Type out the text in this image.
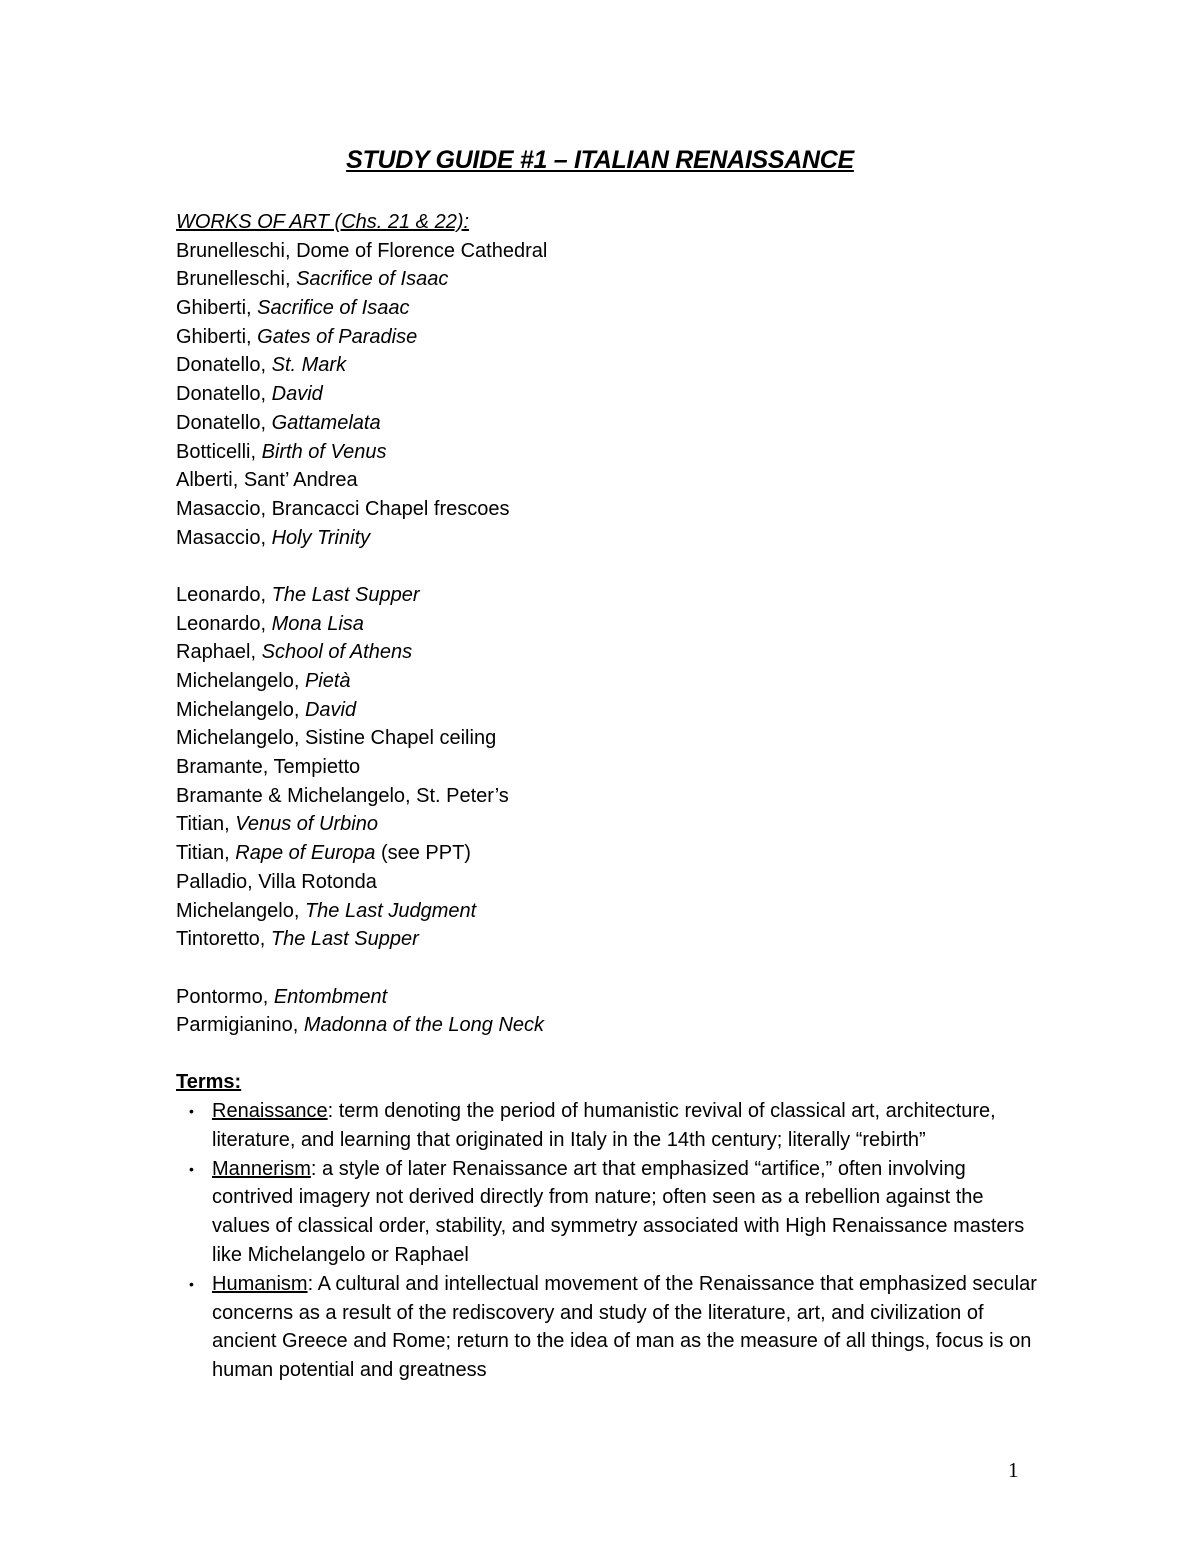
STUDY GUIDE #1 – ITALIAN RENAISSANCE
WORKS OF ART (Chs. 21 & 22):
Brunelleschi, Dome of Florence Cathedral
Brunelleschi, Sacrifice of Isaac
Ghiberti, Sacrifice of Isaac
Ghiberti, Gates of Paradise
Donatello, St. Mark
Donatello, David
Donatello, Gattamelata
Botticelli, Birth of Venus
Alberti, Sant’ Andrea
Masaccio, Brancacci Chapel frescoes
Masaccio, Holy Trinity
Leonardo, The Last Supper
Leonardo, Mona Lisa
Raphael, School of Athens
Michelangelo, Pietà
Michelangelo, David
Michelangelo, Sistine Chapel ceiling
Bramante, Tempietto
Bramante & Michelangelo, St. Peter’s
Titian, Venus of Urbino
Titian, Rape of Europa (see PPT)
Palladio, Villa Rotonda
Michelangelo, The Last Judgment
Tintoretto, The Last Supper
Pontormo, Entombment
Parmigianino, Madonna of the Long Neck
Terms:
• Renaissance: term denoting the period of humanistic revival of classical art, architecture, literature, and learning that originated in Italy in the 14th century; literally “rebirth”
• Mannerism: a style of later Renaissance art that emphasized “artifice,” often involving contrived imagery not derived directly from nature; often seen as a rebellion against the values of classical order, stability, and symmetry associated with High Renaissance masters like Michelangelo or Raphael
• Humanism: A cultural and intellectual movement of the Renaissance that emphasized secular concerns as a result of the rediscovery and study of the literature, art, and civilization of ancient Greece and Rome; return to the idea of man as the measure of all things, focus is on human potential and greatness
1
